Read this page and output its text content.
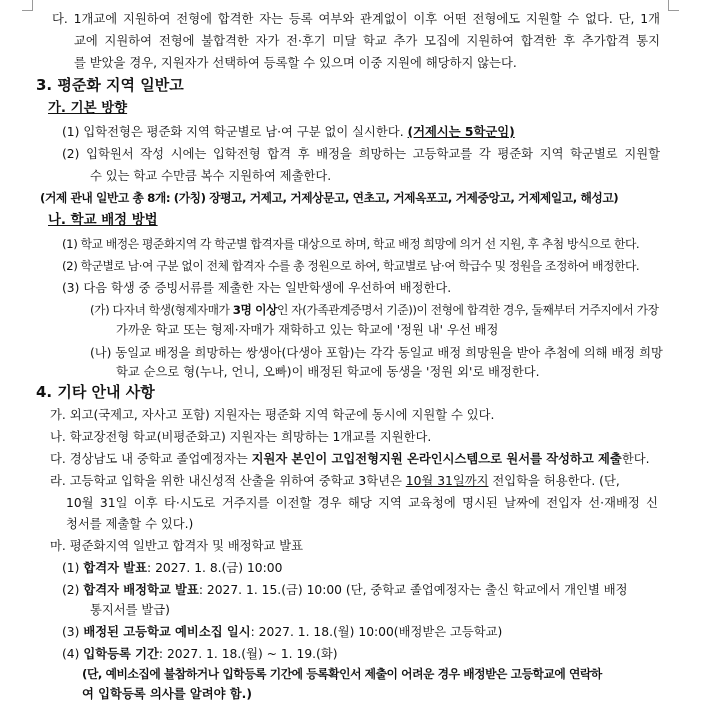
다. 1개교에 지원하여 전형에 합격한 자는 등록 여부와 관계없이 이후 어떤 전형에도 지원할 수 없다. 단, 1개
교에 지원하여 전형에 불합격한 자가 전·후기 미달 학교 추가 모집에 지원하여 합격한 후 추가합격 통지
를 받았을 경우, 지원자가 선택하여 등록할 수 있으며 이중 지원에 해당하지 않는다.
3. 평준화 지역 일반고
가. 기본 방향
(1) 입학전형은 평준화 지역 학군별로 남·여 구분 없이 실시한다. (거제시는 5학군임)
(2) 입학원서 작성 시에는 입학전형 합격 후 배정을 희망하는 고등학교를 각 평준화 지역 학군별로 지원할
수 있는 학교 수만큼 복수 지원하여 제출한다.
(거제 관내 일반고 총 8개: (가칭) 장평고, 거제고, 거제상문고, 연초고, 거제옥포고, 거제중앙고, 거제제일고, 해성고)
나. 학교 배정 방법
(1) 학교 배정은 평준화지역 각 학군별 합격자를 대상으로 하며, 학교 배정 희망에 의거 선 지원, 후 추첨 방식으로 한다.
(2) 학군별로 남·여 구분 없이 전체 합격자 수를 총 정원으로 하여, 학교별로 남·여 학급수 및 정원을 조정하여 배정한다.
(3) 다음 학생 중 증빙서류를 제출한 자는 일반학생에 우선하여 배정한다.
(가) 다자녀 학생(형제자매가 3명 이상인 자(가족관계증명서 기준))이 전형에 합격한 경우, 둘째부터 거주지에서 가장
가까운 학교 또는 형제·자매가 재학하고 있는 학교에 '정원 내' 우선 배정
(나) 동일교 배정을 희망하는 쌍생아(다생아 포함)는 각각 동일교 배정 희망원을 받아 추첨에 의해 배정 희망
학교 순으로 형(누나, 언니, 오빠)이 배정된 학교에 동생을 '정원 외'로 배정한다.
4. 기타 안내 사항
가. 외고(국제고, 자사고 포함) 지원자는 평준화 지역 학군에 동시에 지원할 수 있다.
나. 학교장전형 학교(비평준화고) 지원자는 희망하는 1개교를 지원한다.
다. 경상남도 내 중학교 졸업예정자는 지원자 본인이 고입전형지원 온라인시스템으로 원서를 작성하고 제출한다.
라. 고등학교 입학을 위한 내신성적 산출을 위하여 중학교 3학년은 10월 31일까지 전입학을 허용한다. (단,
10월 31일 이후 타·시도로 거주지를 이전할 경우 해당 지역 교육청에 명시된 날짜에 전입자 선·재배정 신
청서를 제출할 수 있다.)
마. 평준화지역 일반고 합격자 및 배정학교 발표
(1) 합격자 발표: 2027. 1. 8.(금) 10:00
(2) 합격자 배정학교 발표: 2027. 1. 15.(금) 10:00 (단, 중학교 졸업예정자는 출신 학교에서 개인별 배정
통지서를 발급)
(3) 배정된 고등학교 예비소집 일시: 2027. 1. 18.(월) 10:00(배정받은 고등학교)
(4) 입학등록 기간: 2027. 1. 18.(월) ~ 1. 19.(화)
(단, 예비소집에 불참하거나 입학등록 기간에 등록확인서 제출이 어려운 경우 배정받은 고등학교에 연락하
여 입학등록 의사를 알려야 함.)
